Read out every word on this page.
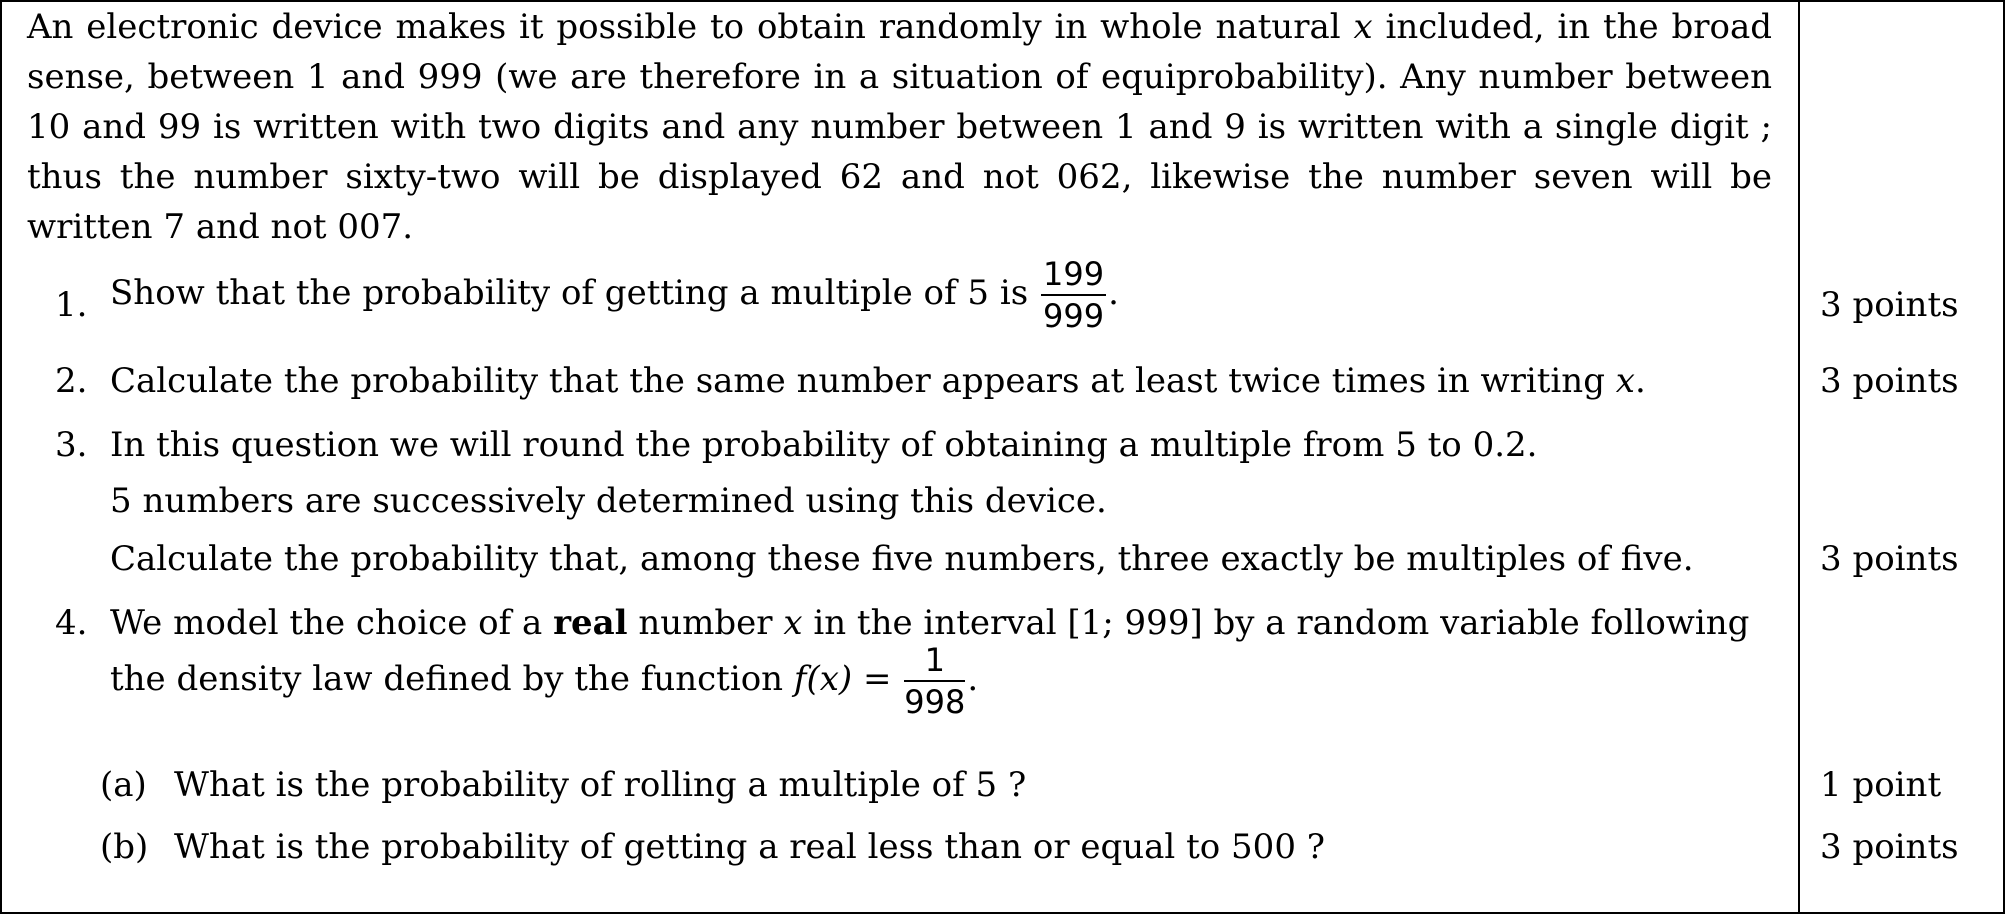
An electronic device makes it possible to obtain randomly in whole natural x included, in the broad sense, between 1 and 999 (we are therefore in a situation of equiprobability). Any number between 10 and 99 is written with two digits and any number between 1 and 9 is written with a single digit ; thus the number sixty-two will be displayed 62 and not 062, likewise the number seven will be written 7 and not 007.

1. Show that the probability of getting a multiple of 5 is $\frac{199}{999}$ .	3 points
2. Calculate the probability that the same number appears at least twice times in writing x.	3 points
3. In this question we will round the probability of obtaining a multiple from 5 to 0.2.
5 numbers are successively determined using this device.
Calculate the probability that, among these five numbers, three exactly be multiples of five.	3 points
4. We model the choice of a real number x in the interval [1; 999] by a random variable following
the density law defined by the function $f(x) = \frac{1}{998}$ .
(a) What is the probability of rolling a multiple of 5 ?	1 point
(b) What is the probability of getting a real less than or equal to 500 ?	3 points
